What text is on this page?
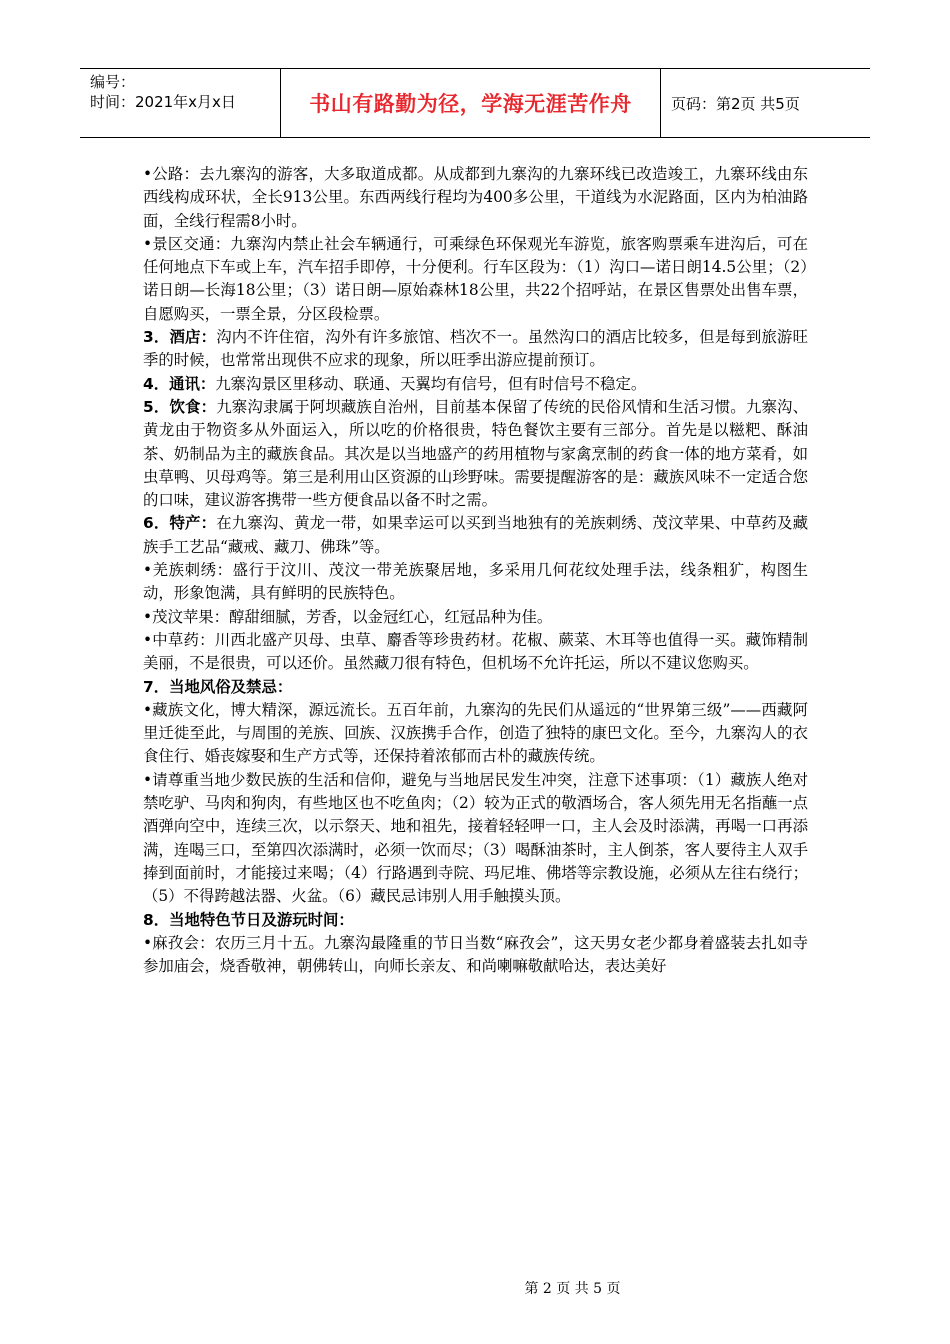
编号：
时间：2021年x月x日	书山有路勤为径，学海无涯苦作舟	页码：第2页 共5页

•公路：去九寨沟的游客，大多取道成都。从成都到九寨沟的九寨环线已改造竣工，九寨环线由东西线构成环状，全长913公里。东西两线行程均为400多公里，干道线为水泥路面，区内为柏油路面，全线行程需8小时。

•景区交通：九寨沟内禁止社会车辆通行，可乘绿色环保观光车游览，旅客购票乘车进沟后，可在任何地点下车或上车，汽车招手即停，十分便利。行车区段为：（1）沟口—诺日朗14.5公里；（2）诺日朗—长海18公里；（3）诺日朗—原始森林18公里，共22个招呼站，在景区售票处出售车票，自愿购买，一票全景，分区段检票。

3．酒店：沟内不许住宿，沟外有许多旅馆、档次不一。虽然沟口的酒店比较多，但是每到旅游旺季的时候，也常常出现供不应求的现象，所以旺季出游应提前预订。

4．通讯：九寨沟景区里移动、联通、天翼均有信号，但有时信号不稳定。

5．饮食：九寨沟隶属于阿坝藏族自治州，目前基本保留了传统的民俗风情和生活习惯。九寨沟、黄龙由于物资多从外面运入，所以吃的价格很贵，特色餐饮主要有三部分。首先是以糍粑、酥油茶、奶制品为主的藏族食品。其次是以当地盛产的药用植物与家禽烹制的药食一体的地方菜肴，如虫草鸭、贝母鸡等。第三是利用山区资源的山珍野味。需要提醒游客的是：藏族风味不一定适合您的口味，建议游客携带一些方便食品以备不时之需。

6．特产：在九寨沟、黄龙一带，如果幸运可以买到当地独有的羌族刺绣、茂汶苹果、中草药及藏族手工艺品“藏戒、藏刀、佛珠”等。

•羌族刺绣：盛行于汶川、茂汶一带羌族聚居地，多采用几何花纹处理手法，线条粗犷，构图生动，形象饱满，具有鲜明的民族特色。

•茂汶苹果：醇甜细腻，芳香，以金冠红心，红冠品种为佳。

•中草药：川西北盛产贝母、虫草、麝香等珍贵药材。花椒、蕨菜、木耳等也值得一买。藏饰精制美丽，不是很贵，可以还价。虽然藏刀很有特色，但机场不允许托运，所以不建议您购买。

7．当地风俗及禁忌：

•藏族文化，博大精深，源远流长。五百年前，九寨沟的先民们从遥远的“世界第三级”——西藏阿里迁徙至此，与周围的羌族、回族、汉族携手合作，创造了独特的康巴文化。至今，九寨沟人的衣食住行、婚丧嫁娶和生产方式等，还保持着浓郁而古朴的藏族传统。

•请尊重当地少数民族的生活和信仰，避免与当地居民发生冲突，注意下述事项：（1）藏族人绝对禁吃驴、马肉和狗肉，有些地区也不吃鱼肉；（2）较为正式的敬酒场合，客人须先用无名指蘸一点酒弹向空中，连续三次，以示祭天、地和祖先，接着轻轻呷一口，主人会及时添满，再喝一口再添满，连喝三口，至第四次添满时，必须一饮而尽；（3）喝酥油茶时，主人倒茶，客人要待主人双手捧到面前时，才能接过来喝；（4）行路遇到寺院、玛尼堆、佛塔等宗教设施，必须从左往右绕行；（5）不得跨越法器、火盆。（6）藏民忌讳别人用手触摸头顶。

8．当地特色节日及游玩时间：

•麻孜会：农历三月十五。九寨沟最隆重的节日当数“麻孜会”，这天男女老少都身着盛装去扎如寺参加庙会，烧香敬神，朝佛转山，向师长亲友、和尚喇嘛敬献哈达，表达美好

第 2 页 共 5 页
